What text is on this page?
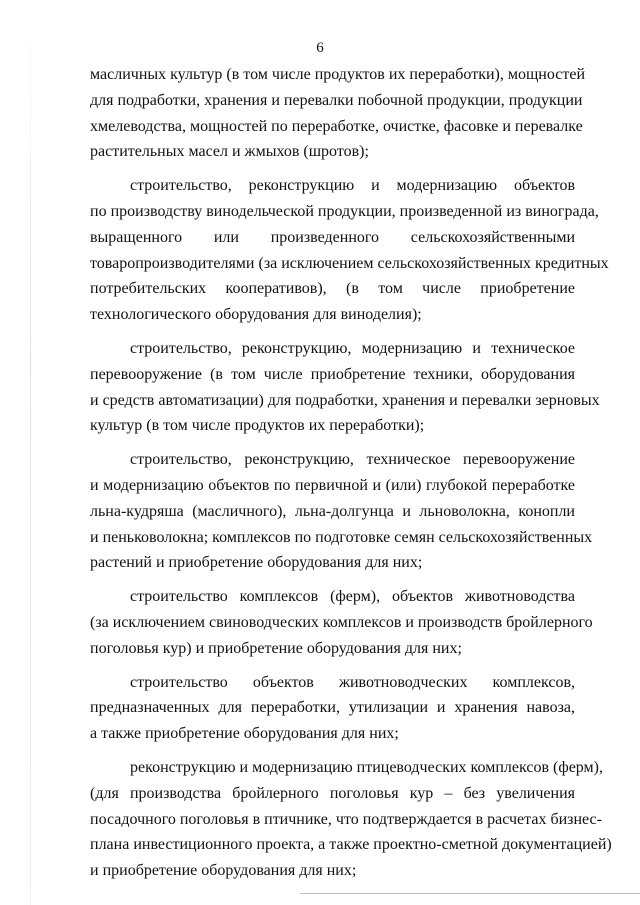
6
масличных культур (в том числе продуктов их переработки), мощностей
для подработки, хранения и перевалки побочной продукции, продукции
хмелеводства, мощностей по переработке, очистке, фасовке и перевалке
растительных масел и жмыхов (шротов);
строительство, реконструкцию и модернизацию объектов
по производству винодельческой продукции, произведенной из винограда,
выращенного или произведенного сельскохозяйственными
товаропроизводителями (за исключением сельскохозяйственных кредитных
потребительских кооперативов), (в том числе приобретение
технологического оборудования для виноделия);
строительство, реконструкцию, модернизацию и техническое
перевооружение (в том числе приобретение техники, оборудования
и средств автоматизации) для подработки, хранения и перевалки зерновых
культур (в том числе продуктов их переработки);
строительство, реконструкцию, техническое перевооружение
и модернизацию объектов по первичной и (или) глубокой переработке
льна-кудряша (масличного), льна-долгунца и льноволокна, конопли
и пеньковолокна; комплексов по подготовке семян сельскохозяйственных
растений и приобретение оборудования для них;
строительство комплексов (ферм), объектов животноводства
(за исключением свиноводческих комплексов и производств бройлерного
поголовья кур) и приобретение оборудования для них;
строительство объектов животноводческих комплексов,
предназначенных для переработки, утилизации и хранения навоза,
а также приобретение оборудования для них;
реконструкцию и модернизацию птицеводческих комплексов (ферм),
(для производства бройлерного поголовья кур – без увеличения
посадочного поголовья в птичнике, что подтверждается в расчетах бизнес-
плана инвестиционного проекта, а также проектно-сметной документацией)
и приобретение оборудования для них;
